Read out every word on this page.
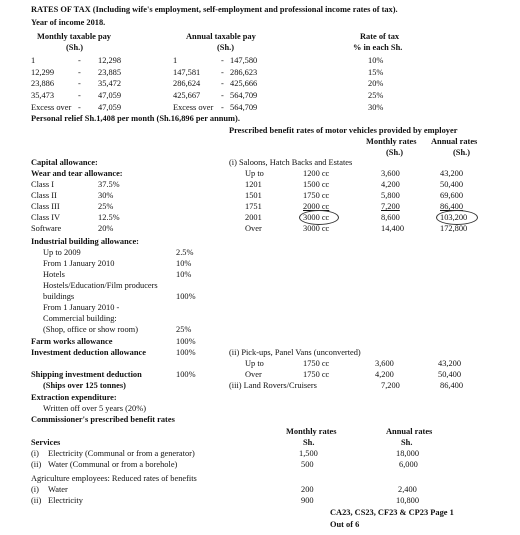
RATES OF TAX (Including wife's employment, self-employment and professional income rates of tax).
Year of income 2018.
Monthly taxable pay
(Sh.)
Annual taxable pay
(Sh.)
Rate of tax
% in each Sh.
1	- 12,298	1	- 147,580	10%
12,299	- 23,885	147,581 - 286,623	15%
23,886	- 35,472	286,624 - 425,666	20%
35,473	- 47,059	425,667 - 564,709	25%
Excess over - 47,059	Excess over - 564,709	30%
Personal relief Sh.1,408 per month (Sh.16,896 per annum).
Prescribed benefit rates of motor vehicles provided by employer
Monthly rates Annual rates
(Sh.)	(Sh.)
Capital allowance:
Wear and tear allowance:
Class I	37.5%
Class II	30%
Class III	25%
Class IV	12.5%
Software	20%
Industrial building allowance:
Up to 2009	2.5%
From 1 January 2010	10%
Hotels	10%
Hostels/Education/Film producers
buildings	100%
From 1 January 2010 -
Commercial building:
(Shop, office or show room)	25%
Farm works allowance	100%
Investment deduction allowance	100%
Shipping investment deduction	100%
(Ships over 125 tonnes)
Extraction expenditure:
Written off over 5 years (20%)
Commissioner's prescribed benefit rates
(i) Saloons, Hatch Backs and Estates
Up to	1200 cc	3,600	43,200
1201	1500 cc	4,200	50,400
1501	1750 cc	5,800	69,600
1751	2000 cc	7,200	86,400
2001	3000 cc	8,600	103,200
Over	3000 cc	14,400	172,800
(ii) Pick-ups, Panel Vans (unconverted)
Up to	1750 cc	3,600	43,200
Over	1750 cc	4,200	50,400
(iii) Land Rovers/Cruisers	7,200	86,400
Monthly rates
Sh.
Annual rates
Sh.
Services
(i) Electricity (Communal or from a generator)	1,500	18,000
(ii) Water (Communal or from a borehole)	500	6,000
Agriculture employees: Reduced rates of benefits
(i) Water	200	2,400
(ii) Electricity	900	10,800
CA23, CS23, CF23 & CP23 Page 1
Out of 6
